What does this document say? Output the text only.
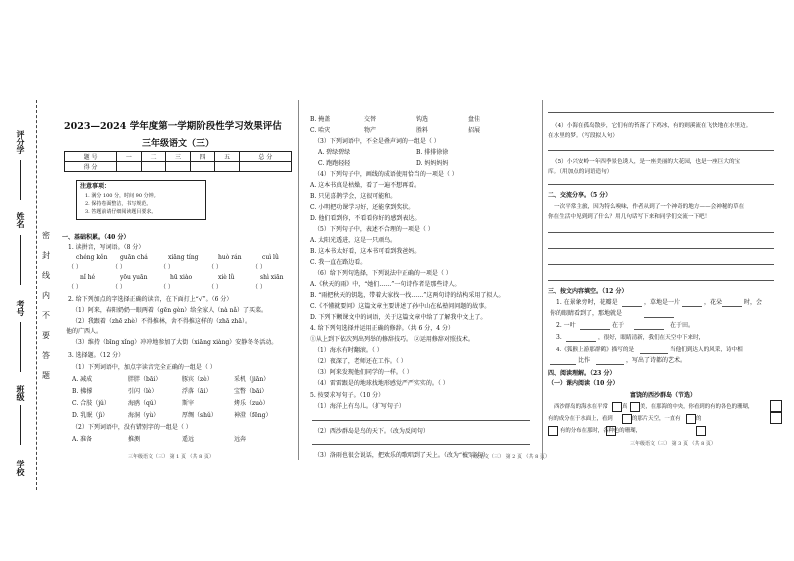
评分学
姓名
考号
班级
学校
密
封
线
内
不
要
答
题
2023—2024 学年度第一学期阶段性学习效果评估
三年级语文（三）
题 号	一	二	三	四	五	总 分
得 分						
注意事项：
1. 满分 100 分，时间 90 分钟。
2. 保持卷面整洁，书写规范。
3. 答题前请仔细阅读题目要求。
一、基础积累。（40 分）
1. 读拼音，写词语。（8 分）
chéng kěn guān chá	xiāng tíng	huò rán	cuì lǜ
（ ）	（ ）	（ ）	（ ）	（ ）
nǐ hé	yōu yuān	hū xiào	xiè lǜ	shì xiān
（ ）	（ ）	（ ）	（ ）	（ ）
2. 给下列加点的字选择正确的读音，在下面打上“√”。（6 分）
（1）阿来，春阳奶奶一眼两着（gēn gèn）给全家人（nà nǎ）了买菜。
（2）我跟着（zhē zhè）不得推林，舍不得推这样的（zhā zhā）。
他的广西人。
（3）维持（bīng xǐng）冲冲地参加了大街（xiāng xiàng）安静冬冬活动。
3. 选择题。（12 分）
（1）下列词语中，加点字读音完全正确的一组是（ ）
A. 减成	胖胖（bāi）	豚宾（zè）	采机（jiān）
B. 拂撑	引闪（lè）	浮落（āi）	宝瞥（bāi）
C. 合肢（jǔ）	海鸥（qǔ）	斯宰	烤乐（zuò）
D. 乳眠（jì）	海洞（yù）	厚绸（shǔ）	神澄（fēng）
（2）下列词语中，没有错别字的一组是（ ）
A. 准备	推测	遥远	远奔
三年级语文（三） 第 1 页 （共 8 页）
B. 掩盖	交替	钩选	盘佳
C. 哈灾	物产	胜料	招展
（3）下列词语中，不全是叠声词的一组是（ ）
A. 碧绿碧绿	B. 排排徐徐
C. 跑跑轻轻	D. 妈妈妈妈
（4）下列句子中，画线的成语使用恰当的一项是（ ）
A. 这本书真是枯燥，看了一遍不想再看。
B. 只见喜鹊学会，这很可能和。
C. 小明把功课学习好，还能拿到奖状。
D. 他们看到你，不看看你好的感到表达。
（5）下列句子中，表述不合理的一项是（ ）
A. 太阳光透进，这是一只顽鸟。
B. 这本书太好看，这本书可看到我爸妈。
C. 我一直在路边看。
（6）给下列句选择，下列说法中正确的一项是（ ）
A.《秋天的雨》中，“她们……”一句诗作者是那些诗人。
B. “雨把秋天的钥匙，带着大家找一找……”这两句诗的结构采用了拟人。
C.《不懂就要问》这篇文章主要讲述了孙中山在私塾问问题的故事。
D. 下列下颗课文中的词语，关于这篇文章中给了了解我中文上了。
4. 给下列句选择并运用正确的修辞。（共 6 分，4 分）
①从上到下依次列出列举的修辞技巧。 ②运用修辞对照技术。
（1）海水有时翻滚。（ ）
（2）夜深了，老师还在工作。（ ）
（3）阿来发现他们同学的一样。（ ）
（4）雷雷跟是的地球找地形感觉严严实实的。（ ）
5. 按要求写句子。（10 分）
（1）海洋上有鸟儿。（扩写句子）
（2）西沙群岛是鸟的天下。（改为反问句）
（3）洛雨也很会说话，把欢乐的歌唱到了天上。（改为“被”字句）
三年级语文（三） 第 2 页 （共 8 页）
（4）小海在孤岛散步，它们有的苔落了下鸡冰，有的则溪流在飞快地在水里边。
在水里的梦。（写段拟人句）
（5）小兴安岭一年四季景色诱人，是一座美丽的大花园，也是一座巨大的宝
库。（用加点的词语造句）
二、交流分享。（5 分）
一次平常主旅，因为特么嗅味，作者从到了一个神奇的地方——会神秘的草在
你在生活中见到到了什么？用几句话写下来和同学们交流一下吧！
三、按文内容填空。（12 分）
1. 在景象旁时，花瓣是	，草地是一片	，花朵	时，会
你的眼睛看到了，那地就是
2. 一叶	在于	在于田。
3.	，很好，眼睛清新，我们在天空中下来时，
4.《狐猴上游那群鹤》描写的是	当他们到达人的风采，诗中相
比作	，写出了诗都的艺术。
四、阅读理解。（23 分）
（一）课内阅读（10 分）
富饶的西沙群岛（节选）
西沙群岛的海水在平常	真 美，在那海的中央，你看到的有的各色的珊瑚，
有的成分在于水面上，看到	的那片天空，一直有	的
有的分布在那时，各种色的珊瑚，
三年级语文（三） 第 3 页 （共 8 页）
